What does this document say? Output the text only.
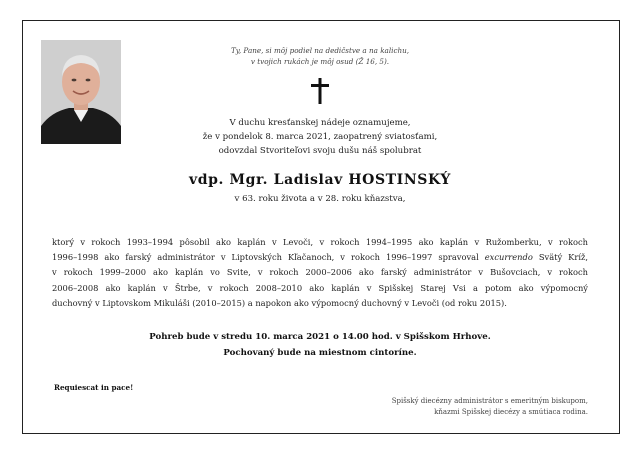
Ty, Pane, si môj podiel na dedičstve a na kalichu,
v tvojich rukách je môj osud (Ž 16, 5).
V duchu kresťanskej nádeje oznamujeme,
že v pondelok 8. marca 2021, zaopatrený sviatosťami,
odovzdal Stvoriteľovi svoju dušu náš spolubrat
vdp. Mgr. Ladislav HOSTINSKÝ
v 63. roku života a v 28. roku kňazstva,
ktorý v rokoch 1993–1994 pôsobil ako kaplán v Levoči, v rokoch 1994–1995 ako kaplán v Ružomberku, v rokoch
1996–1998 ako farský administrátor v Liptovských Kľačanoch, v rokoch 1996–1997 spravoval excurrendo Svätý Kríž,
v rokoch 1999–2000 ako kaplán vo Svite, v rokoch 2000–2006 ako farský administrátor v Bušovciach, v rokoch
2006–2008 ako kaplán v Štrbe, v rokoch 2008–2010 ako kaplán v Spišskej Starej Vsi a potom ako výpomocný
duchovný v Liptovskom Mikuláši (2010–2015) a napokon ako výpomocný duchovný v Levoči (od roku 2015).
Pohreb bude v stredu 10. marca 2021 o 14.00 hod. v Spišskom Hrhove.
Pochovaný bude na miestnom cintoríne.
Requiescat in pace!
Spišský diecézny administrátor s emeritným biskupom,
kňazmi Spišskej diecézy a smútiaca rodina.
